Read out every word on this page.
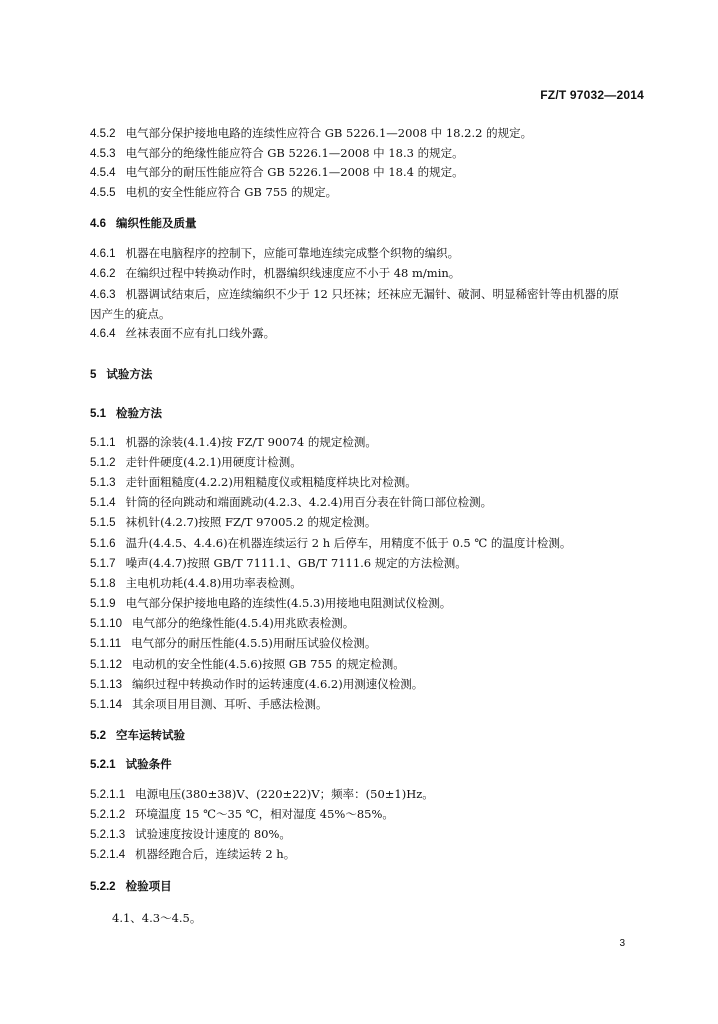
FZ/T 97032—2014
4.5.2 电气部分保护接地电路的连续性应符合 GB 5226.1—2008 中 18.2.2 的规定。
4.5.3 电气部分的绝缘性能应符合 GB 5226.1—2008 中 18.3 的规定。
4.5.4 电气部分的耐压性能应符合 GB 5226.1—2008 中 18.4 的规定。
4.5.5 电机的安全性能应符合 GB 755 的规定。
4.6 编织性能及质量
4.6.1 机器在电脑程序的控制下，应能可靠地连续完成整个织物的编织。
4.6.2 在编织过程中转换动作时，机器编织线速度应不小于 48 m/min。
4.6.3 机器调试结束后，应连续编织不少于 12 只坯袜；坯袜应无漏针、破洞、明显稀密针等由机器的原
因产生的疵点。
4.6.4 丝袜表面不应有扎口线外露。
5 试验方法
5.1 检验方法
5.1.1 机器的涂装(4.1.4)按 FZ/T 90074 的规定检测。
5.1.2 走针件硬度(4.2.1)用硬度计检测。
5.1.3 走针面粗糙度(4.2.2)用粗糙度仪或粗糙度样块比对检测。
5.1.4 针筒的径向跳动和端面跳动(4.2.3、4.2.4)用百分表在针筒口部位检测。
5.1.5 袜机针(4.2.7)按照 FZ/T 97005.2 的规定检测。
5.1.6 温升(4.4.5、4.4.6)在机器连续运行 2 h 后停车，用精度不低于 0.5 ℃ 的温度计检测。
5.1.7 噪声(4.4.7)按照 GB/T 7111.1、GB/T 7111.6 规定的方法检测。
5.1.8 主电机功耗(4.4.8)用功率表检测。
5.1.9 电气部分保护接地电路的连续性(4.5.3)用接地电阻测试仪检测。
5.1.10 电气部分的绝缘性能(4.5.4)用兆欧表检测。
5.1.11 电气部分的耐压性能(4.5.5)用耐压试验仪检测。
5.1.12 电动机的安全性能(4.5.6)按照 GB 755 的规定检测。
5.1.13 编织过程中转换动作时的运转速度(4.6.2)用测速仪检测。
5.1.14 其余项目用目测、耳听、手感法检测。
5.2 空车运转试验
5.2.1 试验条件
5.2.1.1 电源电压(380±38)V、(220±22)V；频率：(50±1)Hz。
5.2.1.2 环境温度 15 ℃～35 ℃，相对湿度 45%～85%。
5.2.1.3 试验速度按设计速度的 80%。
5.2.1.4 机器经跑合后，连续运转 2 h。
5.2.2 检验项目
4.1、4.3～4.5。
3
